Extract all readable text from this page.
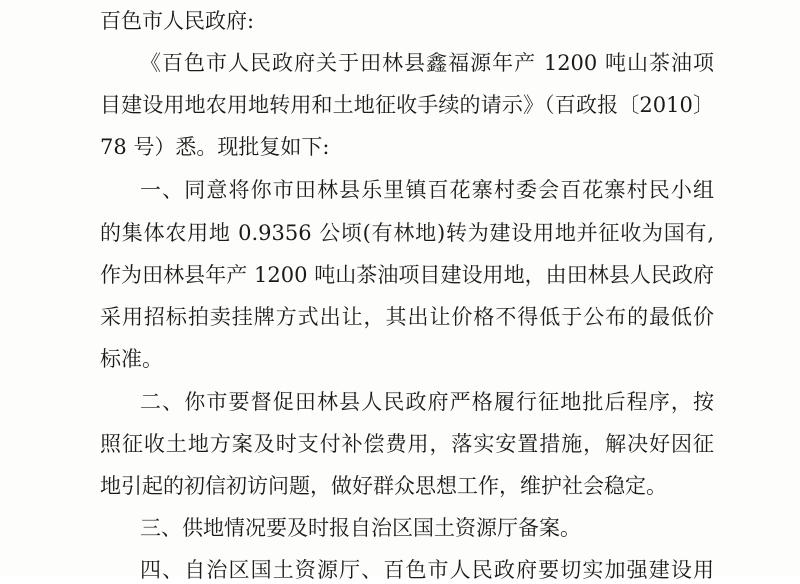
百色市人民政府:
《百色市人民政府关于田林县鑫福源年产 1200 吨山茶油项
目建设用地农用地转用和土地征收手续的请示》（百政报〔2010〕
78 号）悉。现批复如下:
一、同意将你市田林县乐里镇百花寨村委会百花寨村民小组
的集体农用地 0.9356 公顷(有林地)转为建设用地并征收为国有,
作为田林县年产 1200 吨山茶油项目建设用地，由田林县人民政府
采用招标拍卖挂牌方式出让，其出让价格不得低于公布的最低价
标准。
二、你市要督促田林县人民政府严格履行征地批后程序，按
照征收土地方案及时支付补偿费用，落实安置措施，解决好因征
地引起的初信初访问题，做好群众思想工作，维护社会稳定。
三、供地情况要及时报自治区国土资源厅备案。
四、自治区国土资源厅、百色市人民政府要切实加强建设用
